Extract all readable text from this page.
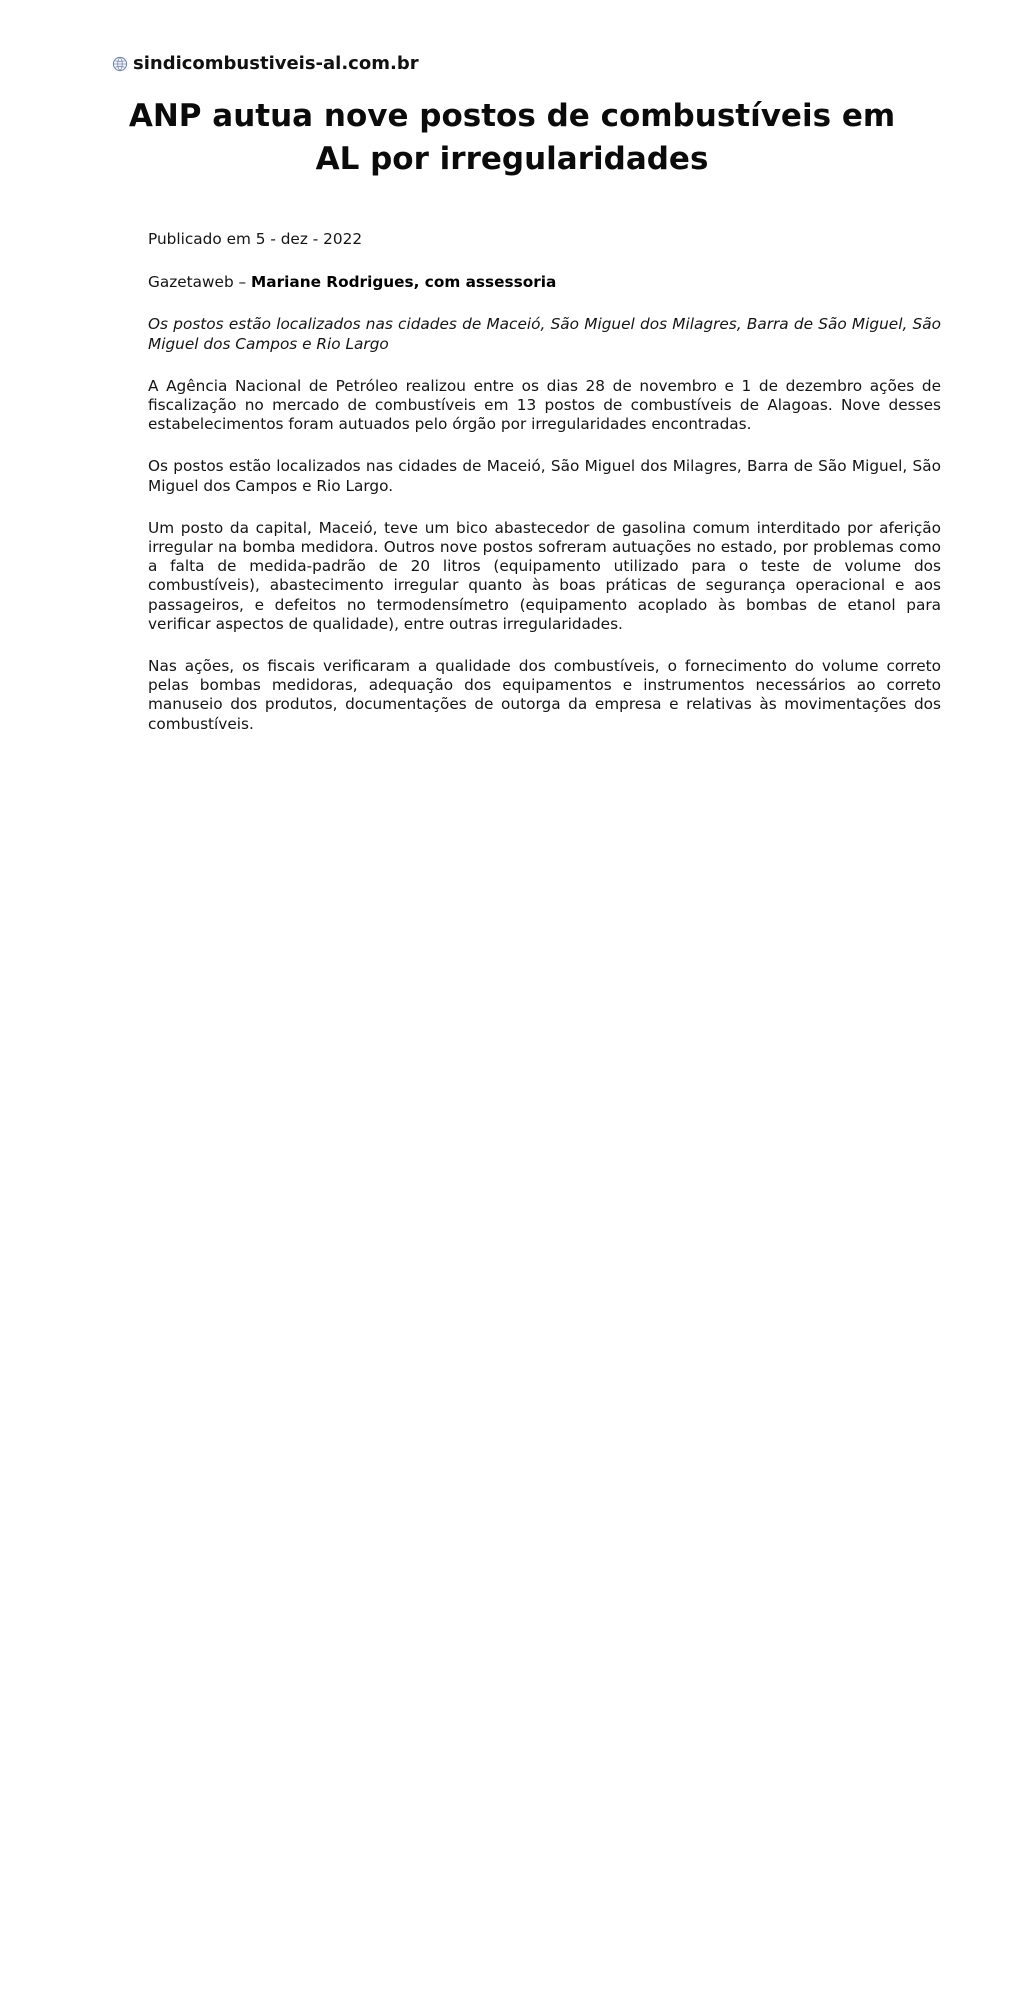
sindicombustiveis-al.com.br
ANP autua nove postos de combustíveis em AL por irregularidades

Publicado em 5 - dez - 2022

Gazetaweb – Mariane Rodrigues, com assessoria

Os postos estão localizados nas cidades de Maceió, São Miguel dos Milagres, Barra de São Miguel, São Miguel dos Campos e Rio Largo

A Agência Nacional de Petróleo realizou entre os dias 28 de novembro e 1 de dezembro ações de fiscalização no mercado de combustíveis em 13 postos de combustíveis de Alagoas. Nove desses estabelecimentos foram autuados pelo órgão por irregularidades encontradas.

Os postos estão localizados nas cidades de Maceió, São Miguel dos Milagres, Barra de São Miguel, São Miguel dos Campos e Rio Largo.

Um posto da capital, Maceió, teve um bico abastecedor de gasolina comum interditado por aferição irregular na bomba medidora. Outros nove postos sofreram autuações no estado, por problemas como a falta de medida-padrão de 20 litros (equipamento utilizado para o teste de volume dos combustíveis), abastecimento irregular quanto às boas práticas de segurança operacional e aos passageiros, e defeitos no termodensímetro (equipamento acoplado às bombas de etanol para verificar aspectos de qualidade), entre outras irregularidades.

Nas ações, os fiscais verificaram a qualidade dos combustíveis, o fornecimento do volume correto pelas bombas medidoras, adequação dos equipamentos e instrumentos necessários ao correto manuseio dos produtos, documentações de outorga da empresa e relativas às movimentações dos combustíveis.
